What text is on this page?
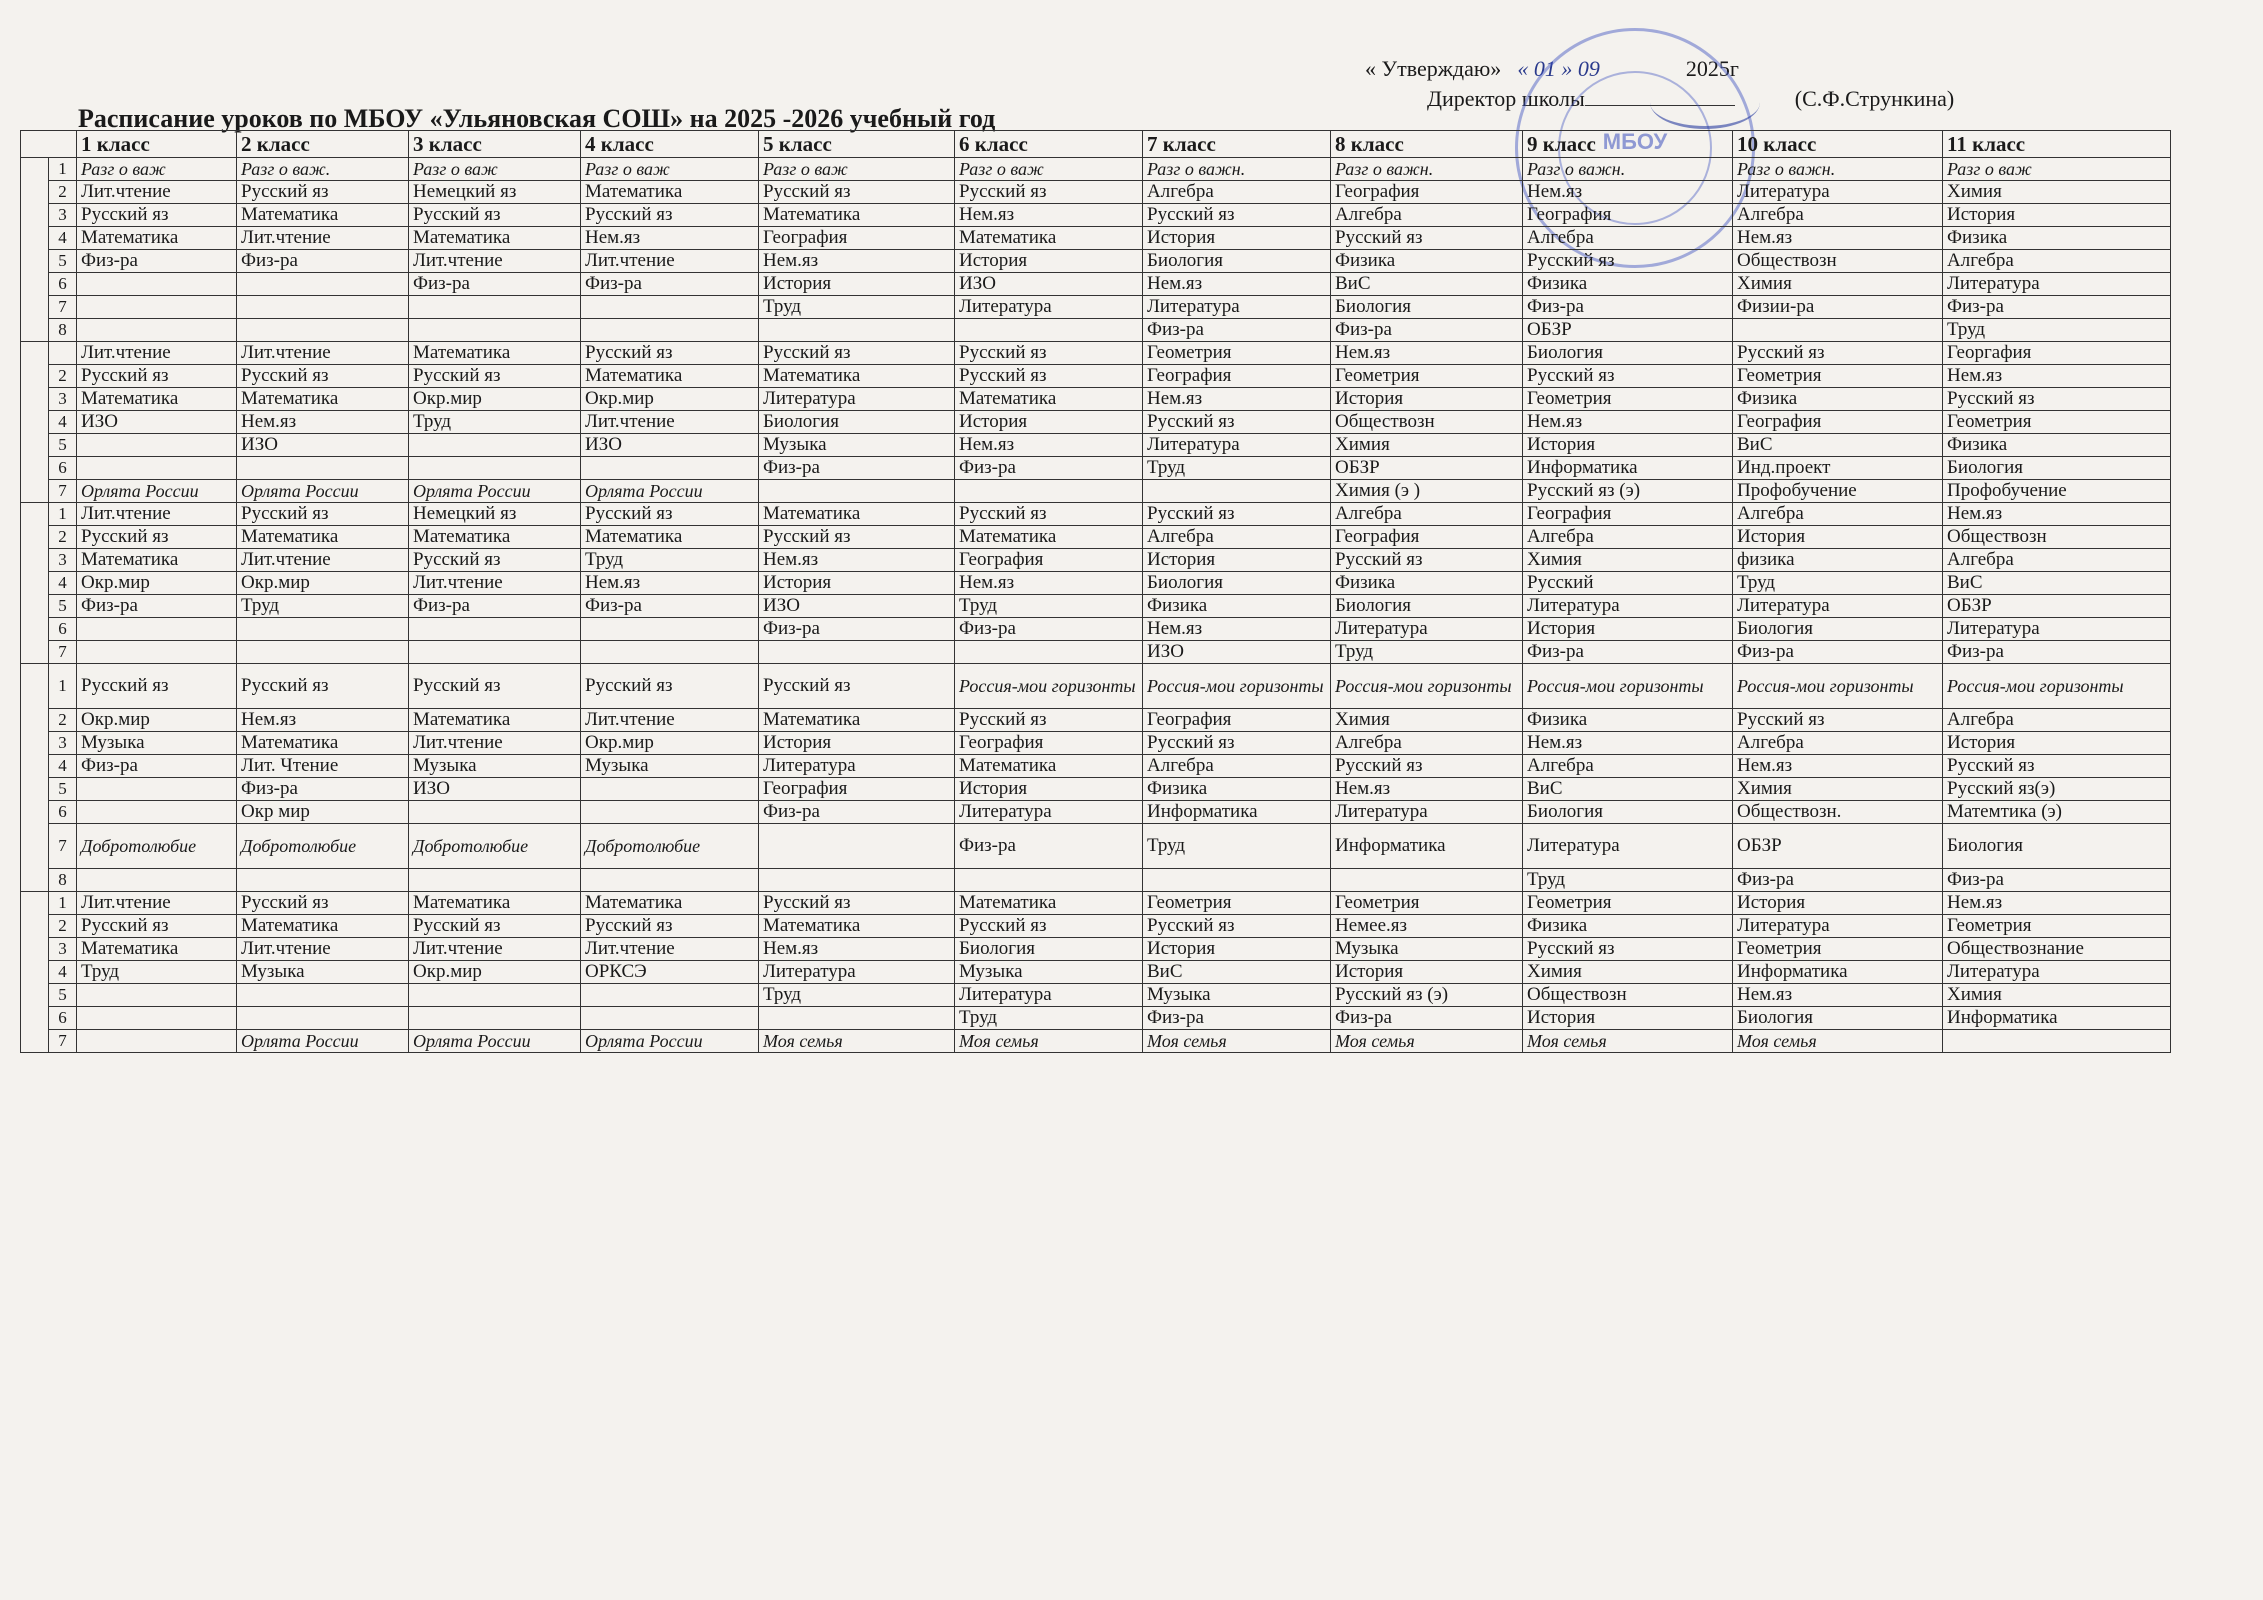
« Утверждаю» « 01 » 09	2025г
Директор школы	(С.Ф.Стрункина)
МБОУ
Расписание уроков по МБОУ «Ульяновская СОШ» на 2025 -2026 учебный год
		1 класс	2 класс	3 класс	4 класс	5 класс	6 класс	7 класс	8 класс	9 класс	10 класс	11 класс
	1	Разг о важ	Разг о важ.	Разг о важ	Разг о важ	Разг о важ	Разг о важ	Разг о важн.	Разг о важн.	Разг о важн.	Разг о важн.	Разг о важ
	2	Лит.чтение	Русский яз	Немецкий яз	Математика	Русский яз	Русский яз	Алгебра	География	Нем.яз	Литература	Химия
	3	Русский яз	Математика	Русский яз	Русский яз	Математика	Нем.яз	Русский яз	Алгебра	География	Алгебра	История
	4	Математика	Лит.чтение	Математика	Нем.яз	География	Математика	История	Русский яз	Алгебра	Нем.яз	Физика
	5	Физ-ра	Физ-ра	Лит.чтение	Лит.чтение	Нем.яз	История	Биология	Физика	Русский яз	Обществозн	Алгебра
	6			Физ-ра	Физ-ра	История	ИЗО	Нем.яз	ВиС	Физика	Химия	Литература
	7					Труд	Литература	Литература	Биология	Физ-ра	Физии-ра	Физ-ра
	8							Физ-ра	Физ-ра	ОБЗР		Труд
		Лит.чтение	Лит.чтение	Математика	Русский яз	Русский яз	Русский яз	Геометрия	Нем.яз	Биология	Русский яз	Георгафия
	2	Русский яз	Русский яз	Русский яз	Математика	Математика	Русский яз	География	Геометрия	Русский яз	Геометрия	Нем.яз
	3	Математика	Математика	Окр.мир	Окр.мир	Литература	Математика	Нем.яз	История	Геометрия	Физика	Русский яз
	4	ИЗО	Нем.яз	Труд	Лит.чтение	Биология	История	Русский яз	Обществозн	Нем.яз	География	Геометрия
	5		ИЗО		ИЗО	Музыка	Нем.яз	Литература	Химия	История	ВиС	Физика
	6					Физ-ра	Физ-ра	Труд	ОБЗР	Информатика	Инд.проект	Биология
	7	Орлята России	Орлята России	Орлята России	Орлята России				Химия (э )	Русский яз (э)	Профобучение	Профобучение
	1	Лит.чтение	Русский яз	Немецкий яз	Русский яз	Математика	Русский яз	Русский яз	Алгебра	География	Алгебра	Нем.яз
	2	Русский яз	Математика	Математика	Математика	Русский яз	Математика	Алгебра	География	Алгебра	История	Обществозн
	3	Математика	Лит.чтение	Русский яз	Труд	Нем.яз	География	История	Русский яз	Химия	физика	Алгебра
	4	Окр.мир	Окр.мир	Лит.чтение	Нем.яз	История	Нем.яз	Биология	Физика	Русский	Труд	ВиС
	5	Физ-ра	Труд	Физ-ра	Физ-ра	ИЗО	Труд	Физика	Биология	Литература	Литература	ОБЗР
	6					Физ-ра	Физ-ра	Нем.яз	Литература	История	Биология	Литература
	7							ИЗО	Труд	Физ-ра	Физ-ра	Физ-ра
	1	Русский яз	Русский яз	Русский яз	Русский яз	Русский яз	Россия-мои горизонты	Россия-мои горизонты	Россия-мои горизонты	Россия-мои горизонты	Россия-мои горизонты	Россия-мои горизонты
	2	Окр.мир	Нем.яз	Математика	Лит.чтение	Математика	Русский яз	География	Химия	Физика	Русский яз	Алгебра
	3	Музыка	Математика	Лит.чтение	Окр.мир	История	География	Русский яз	Алгебра	Нем.яз	Алгебра	История
	4	Физ-ра	Лит. Чтение	Музыка	Музыка	Литература	Математика	Алгебра	Русский яз	Алгебра	Нем.яз	Русский яз
	5		Физ-ра	ИЗО		География	История	Физика	Нем.яз	ВиС	Химия	Русский яз(э)
	6		Окр мир			Физ-ра	Литература	Информатика	Литература	Биология	Обществозн.	Матемтика (э)
	7	Добротолюбие	Добротолюбие	Добротолюбие	Добротолюбие		Физ-ра	Труд	Информатика	Литература	ОБЗР	Биология
	8									Труд	Физ-ра	Физ-ра
	1	Лит.чтение	Русский яз	Математика	Математика	Русский яз	Математика	Геометрия	Геометрия	Геометрия	История	Нем.яз
	2	Русский яз	Математика	Русский яз	Русский яз	Математика	Русский яз	Русский яз	Немее.яз	Физика	Литература	Геометрия
	3	Математика	Лит.чтение	Лит.чтение	Лит.чтение	Нем.яз	Биология	История	Музыка	Русский яз	Геометрия	Обществознание
	4	Труд	Музыка	Окр.мир	ОРКСЭ	Литература	Музыка	ВиС	История	Химия	Информатика	Литература
	5					Труд	Литература	Музыка	Русский яз (э)	Обществозн	Нем.яз	Химия
	6						Труд	Физ-ра	Физ-ра	История	Биология	Информатика
	7		Орлята России	Орлята России	Орлята России	Моя семья	Моя семья	Моя семья	Моя семья	Моя семья	Моя семья	
